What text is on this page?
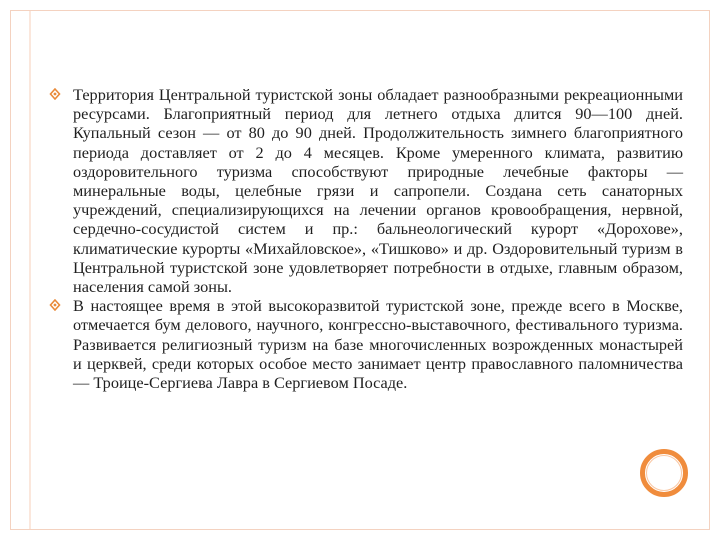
Территория Центральной туристской зоны обладает разнообразными рекреационными ресурсами. Благоприятный период для летнего отдыха длится 90—100 дней. Купальный сезон — от 80 до 90 дней. Продолжительность зимнего благоприятного периода доставляет от 2 до 4 месяцев. Кроме умеренного климата, развитию оздоровительного туризма способствуют природные лечебные факторы — минеральные воды, целебные грязи и сапропели. Создана сеть санаторных учреждений, специализирующихся на лечении органов кровообращения, нервной, сердечно-сосудистой систем и пр.: бальнеологический курорт «Дорохове», климатические курорты «Михайловское», «Тишково» и др. Оздоровительный туризм в Центральной туристской зоне удовлетворяет потребности в отдыхе, главным образом, населения самой зоны.

В настоящее время в этой высокоразвитой туристской зоне, прежде всего в Москве, отмечается бум делового, научного, конгрессно-выставочного, фестивального туризма. Развивается религиозный туризм на базе многочисленных возрожденных монастырей и церквей, среди которых особое место занимает центр православного паломничества — Троице-Сергиева Лавра в Сергиевом Посаде.
